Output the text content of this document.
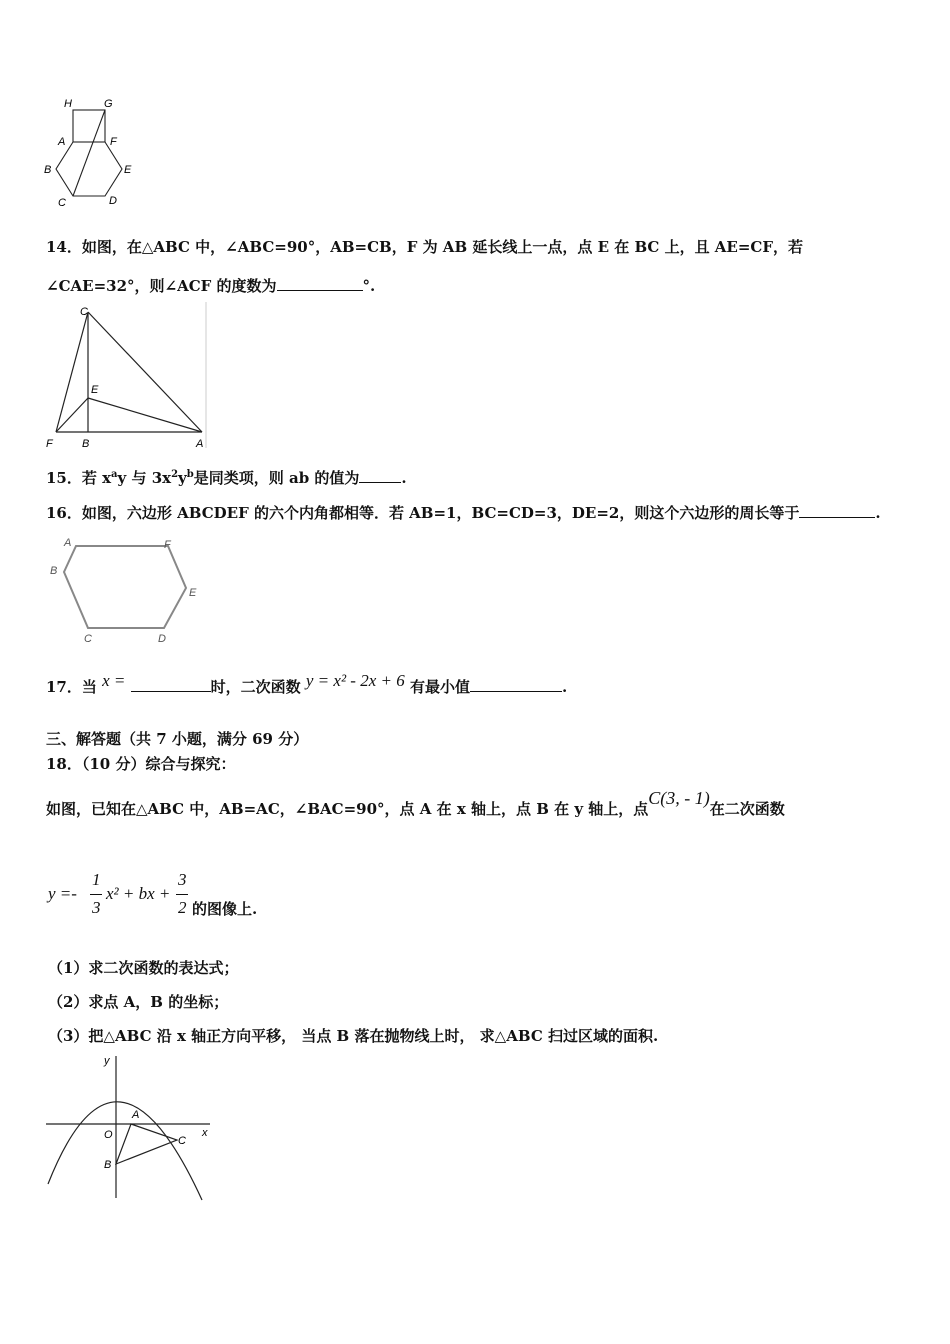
H	G
A	F
B	E
C	D
14．如图，在△ABC 中，∠ABC=90°，AB=CB，F 为 AB 延长线上一点，点 E 在 BC 上，且 AE=CF，若
∠CAE=32°，则∠ACF 的度数为	°.
C
E
F	B	A
15．若 $x^ay$ 与 $3x^2y^b$是同类项，则 ab 的值为	.
16．如图，六边形 ABCDEF 的六个内角都相等．若 AB=1，BC=CD=3，DE=2，则这个六边形的周长等于	.
A	F
B
E
C	D
17．当 x =	时，二次函数 y = x² - 2x + 6 有最小值	.
三、解答题（共 7 小题，满分 69 分）
18．（10 分）综合与探究：
如图，已知在△ABC 中，AB=AC，∠BAC=90°，点 A 在 x 轴上，点 B 在 y 轴上，点C(3, - 1)在二次函数
y =-
1
3
x² + bx +
3
2 的图像上.
（1）求二次函数的表达式；
（2）求点 A，B 的坐标；
（3）把△ABC 沿 x 轴正方向平移， 当点 B 落在抛物线上时， 求△ABC 扫过区域的面积.
y
x
O
A
C
B
